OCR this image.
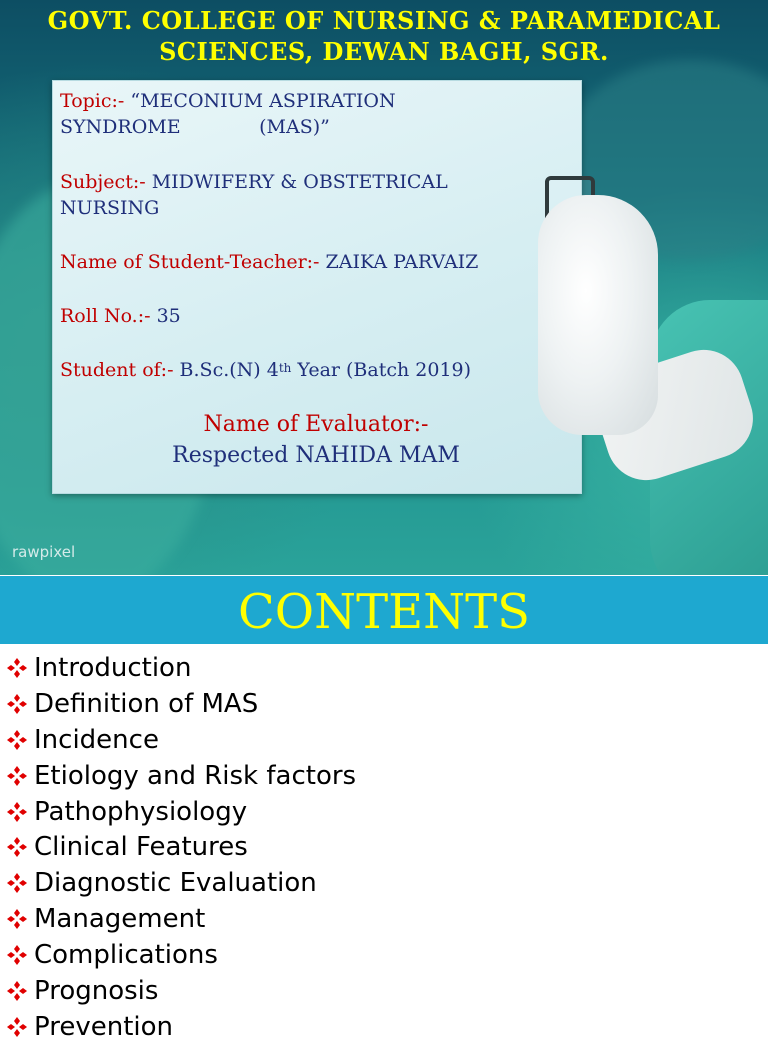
GOVT. COLLEGE OF NURSING & PARAMEDICAL
SCIENCES, DEWAN BAGH, SGR.
Topic:- “MECONIUM ASPIRATION
SYNDROME             (MAS)”
Subject:- MIDWIFERY & OBSTETRICAL
NURSING
Name of Student-Teacher:- ZAIKA PARVAIZ
Roll No.:- 35
Student of:- B.Sc.(N) 4th Year (Batch 2019)
Name of Evaluator:-
Respected NAHIDA MAM
rawpixel
CONTENTS
Introduction
Definition of MAS
Incidence
Etiology and Risk factors
Pathophysiology
Clinical Features
Diagnostic Evaluation
Management
Complications
Prognosis
Prevention
